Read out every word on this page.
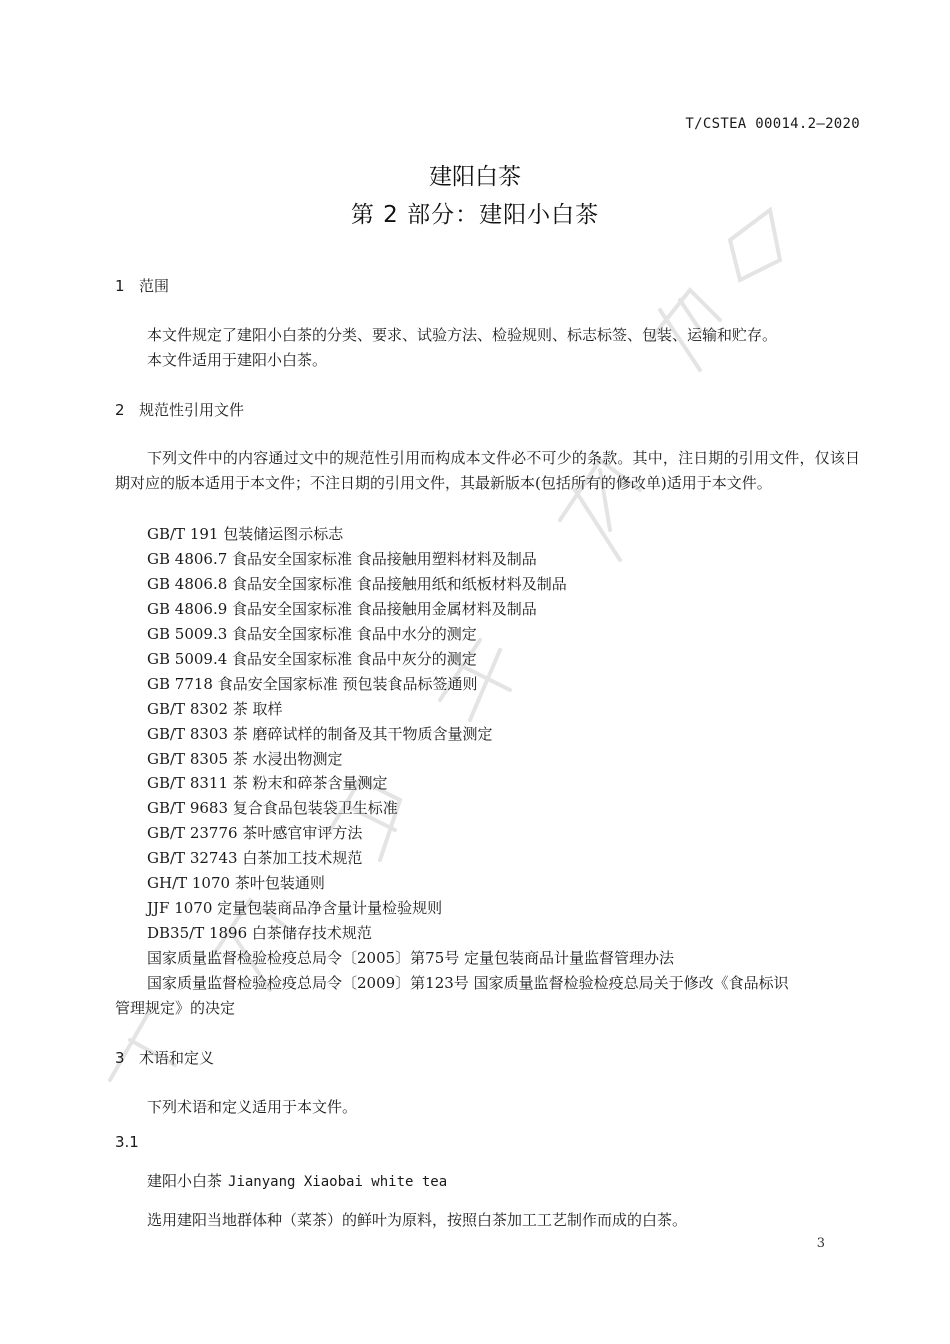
T/CSTEA 00014.2—2020
建阳白茶
第 2 部分：建阳小白茶
1 范围
本文件规定了建阳小白茶的分类、要求、试验方法、检验规则、标志标签、包装、运输和贮存。
本文件适用于建阳小白茶。
2 规范性引用文件
下列文件中的内容通过文中的规范性引用而构成本文件必不可少的条款。其中，注日期的引用文件，仅该日期对应的版本适用于本文件；不注日期的引用文件，其最新版本(包括所有的修改单)适用于本文件。
GB/T 191 包装储运图示标志
GB 4806.7 食品安全国家标准 食品接触用塑料材料及制品
GB 4806.8 食品安全国家标准 食品接触用纸和纸板材料及制品
GB 4806.9 食品安全国家标准 食品接触用金属材料及制品
GB 5009.3 食品安全国家标准 食品中水分的测定
GB 5009.4 食品安全国家标准 食品中灰分的测定
GB 7718 食品安全国家标准 预包装食品标签通则
GB/T 8302 茶 取样
GB/T 8303 茶 磨碎试样的制备及其干物质含量测定
GB/T 8305 茶 水浸出物测定
GB/T 8311 茶 粉末和碎茶含量测定
GB/T 9683 复合食品包装袋卫生标准
GB/T 23776 茶叶感官审评方法
GB/T 32743 白茶加工技术规范
GH/T 1070 茶叶包装通则
JJF 1070 定量包装商品净含量计量检验规则
DB35/T 1896 白茶储存技术规范
国家质量监督检验检疫总局令〔2005〕第75号 定量包装商品计量监督管理办法
国家质量监督检验检疫总局令〔2009〕第123号 国家质量监督检验检疫总局关于修改《食品标识
管理规定》的决定
3 术语和定义
下列术语和定义适用于本文件。
3.1
建阳小白茶 Jianyang Xiaobai white tea
选用建阳当地群体种（菜茶）的鲜叶为原料，按照白茶加工工艺制作而成的白茶。
3
